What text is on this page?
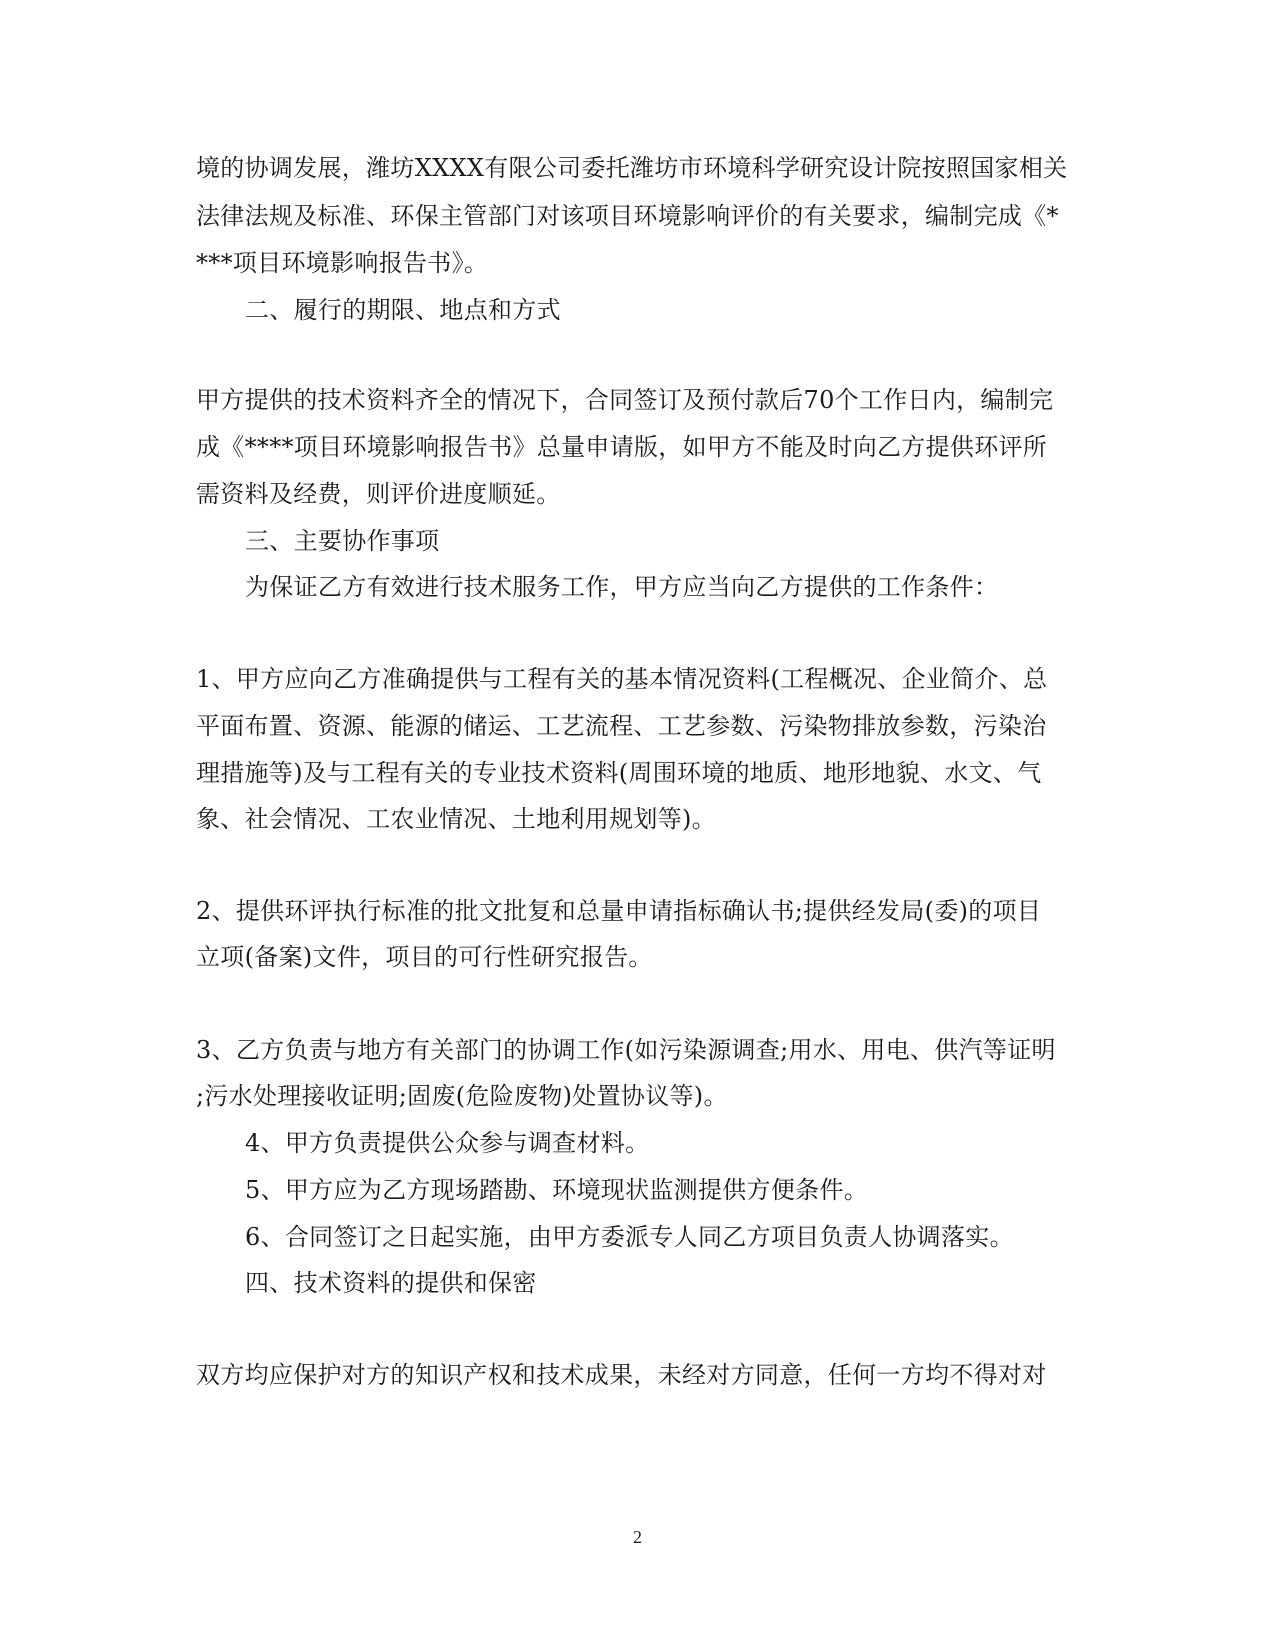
境的协调发展，潍坊XXXX有限公司委托潍坊市环境科学研究设计院按照国家相关
法律法规及标准、环保主管部门对该项目环境影响评价的有关要求，编制完成《*
***项目环境影响报告书》。
二、履行的期限、地点和方式
甲方提供的技术资料齐全的情况下，合同签订及预付款后70个工作日内，编制完
成《****项目环境影响报告书》总量申请版，如甲方不能及时向乙方提供环评所
需资料及经费，则评价进度顺延。
三、主要协作事项
为保证乙方有效进行技术服务工作，甲方应当向乙方提供的工作条件：
1、甲方应向乙方准确提供与工程有关的基本情况资料(工程概况、企业简介、总
平面布置、资源、能源的储运、工艺流程、工艺参数、污染物排放参数，污染治
理措施等)及与工程有关的专业技术资料(周围环境的地质、地形地貌、水文、气
象、社会情况、工农业情况、土地利用规划等)。
2、提供环评执行标准的批文批复和总量申请指标确认书;提供经发局(委)的项目
立项(备案)文件，项目的可行性研究报告。
3、乙方负责与地方有关部门的协调工作(如污染源调查;用水、用电、供汽等证明
;污水处理接收证明;固废(危险废物)处置协议等)。
4、甲方负责提供公众参与调查材料。
5、甲方应为乙方现场踏勘、环境现状监测提供方便条件。
6、合同签订之日起实施，由甲方委派专人同乙方项目负责人协调落实。
四、技术资料的提供和保密
双方均应保护对方的知识产权和技术成果，未经对方同意，任何一方均不得对对
2
